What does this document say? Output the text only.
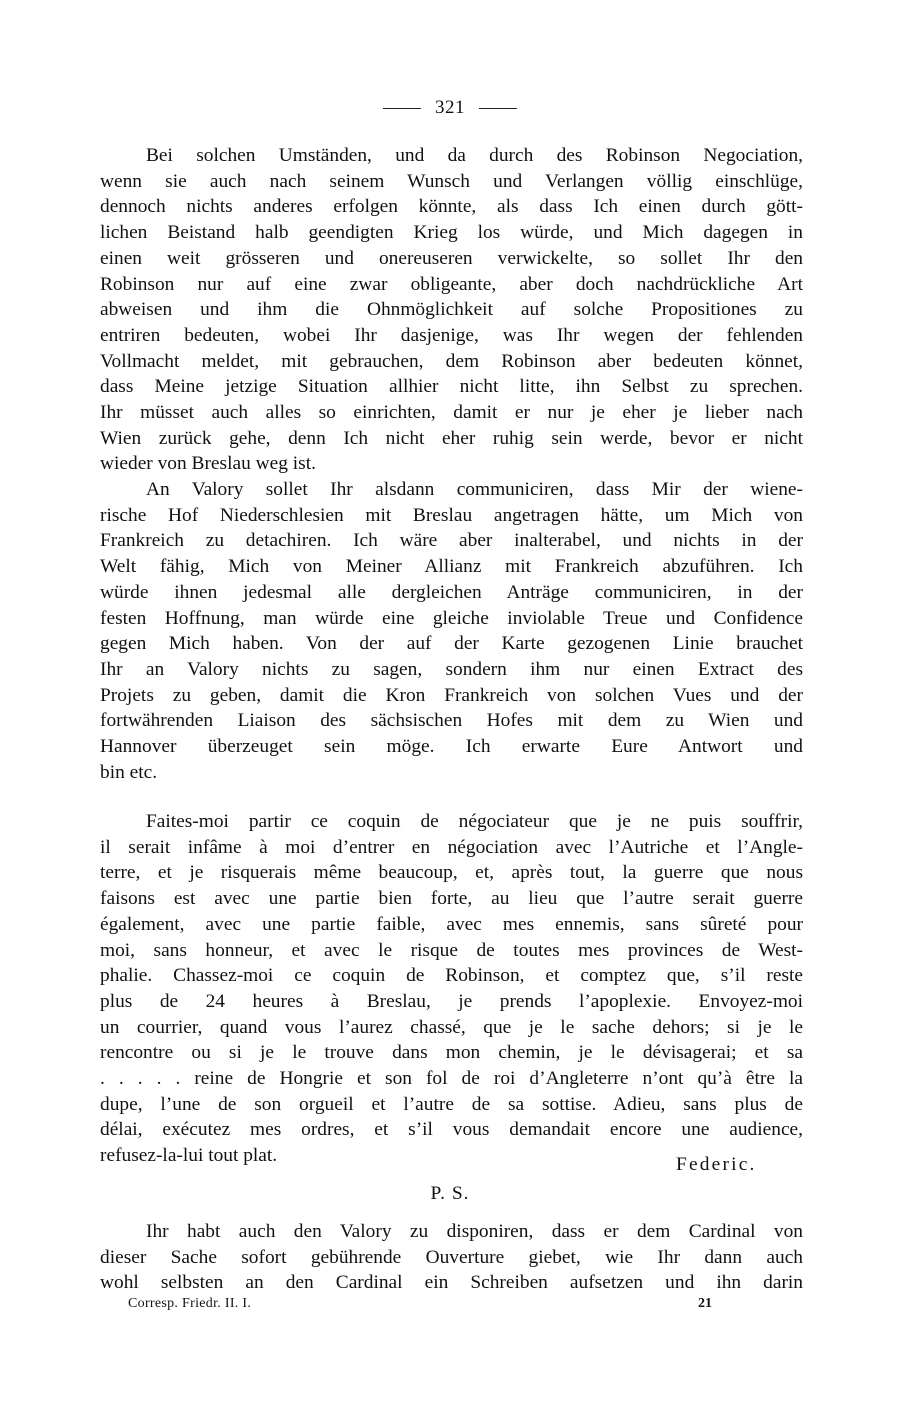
321
Bei solchen Umständen, und da durch des Robinson Negociation,
wenn sie auch nach seinem Wunsch und Verlangen völlig einschlüge,
dennoch nichts anderes erfolgen könnte, als dass Ich einen durch gött-
lichen Beistand halb geendigten Krieg los würde, und Mich dagegen in
einen weit grösseren und onereuseren verwickelte, so sollet Ihr den
Robinson nur auf eine zwar obligeante, aber doch nachdrückliche Art
abweisen und ihm die Ohnmöglichkeit auf solche Propositiones zu
entriren bedeuten, wobei Ihr dasjenige, was Ihr wegen der fehlenden
Vollmacht meldet, mit gebrauchen, dem Robinson aber bedeuten könnet,
dass Meine jetzige Situation allhier nicht litte, ihn Selbst zu sprechen.
Ihr müsset auch alles so einrichten, damit er nur je eher je lieber nach
Wien zurück gehe, denn Ich nicht eher ruhig sein werde, bevor er nicht
wieder von Breslau weg ist.
An Valory sollet Ihr alsdann communiciren, dass Mir der wiene-
rische Hof Niederschlesien mit Breslau angetragen hätte, um Mich von
Frankreich zu detachiren. Ich wäre aber inalterabel, und nichts in der
Welt fähig, Mich von Meiner Allianz mit Frankreich abzuführen. Ich
würde ihnen jedesmal alle dergleichen Anträge communiciren, in der
festen Hoffnung, man würde eine gleiche inviolable Treue und Confidence
gegen Mich haben. Von der auf der Karte gezogenen Linie brauchet
Ihr an Valory nichts zu sagen, sondern ihm nur einen Extract des
Projets zu geben, damit die Kron Frankreich von solchen Vues und der
fortwährenden Liaison des sächsischen Hofes mit dem zu Wien und
Hannover überzeuget sein möge. Ich erwarte Eure Antwort und
bin etc.
Faites-moi partir ce coquin de négociateur que je ne puis souffrir,
il serait infâme à moi d’entrer en négociation avec l’Autriche et l’Angle-
terre, et je risquerais même beaucoup, et, après tout, la guerre que nous
faisons est avec une partie bien forte, au lieu que l’autre serait guerre
également, avec une partie faible, avec mes ennemis, sans sûreté pour
moi, sans honneur, et avec le risque de toutes mes provinces de West-
phalie. Chassez-moi ce coquin de Robinson, et comptez que, s’il reste
plus de 24 heures à Breslau, je prends l’apoplexie. Envoyez-moi
un courrier, quand vous l’aurez chassé, que je le sache dehors; si je le
rencontre ou si je le trouve dans mon chemin, je le dévisagerai; et sa
. . . . . reine de Hongrie et son fol de roi d’Angleterre n’ont qu’à être la
dupe, l’une de son orgueil et l’autre de sa sottise. Adieu, sans plus de
délai, exécutez mes ordres, et s’il vous demandait encore une audience,
refusez-la-lui tout plat.	Federic.

P. S.

Ihr habt auch den Valory zu disponiren, dass er dem Cardinal von
dieser Sache sofort gebührende Ouverture giebet, wie Ihr dann auch
wohl selbsten an den Cardinal ein Schreiben aufsetzen und ihn darin

Corresp. Friedr. II. I.	21
